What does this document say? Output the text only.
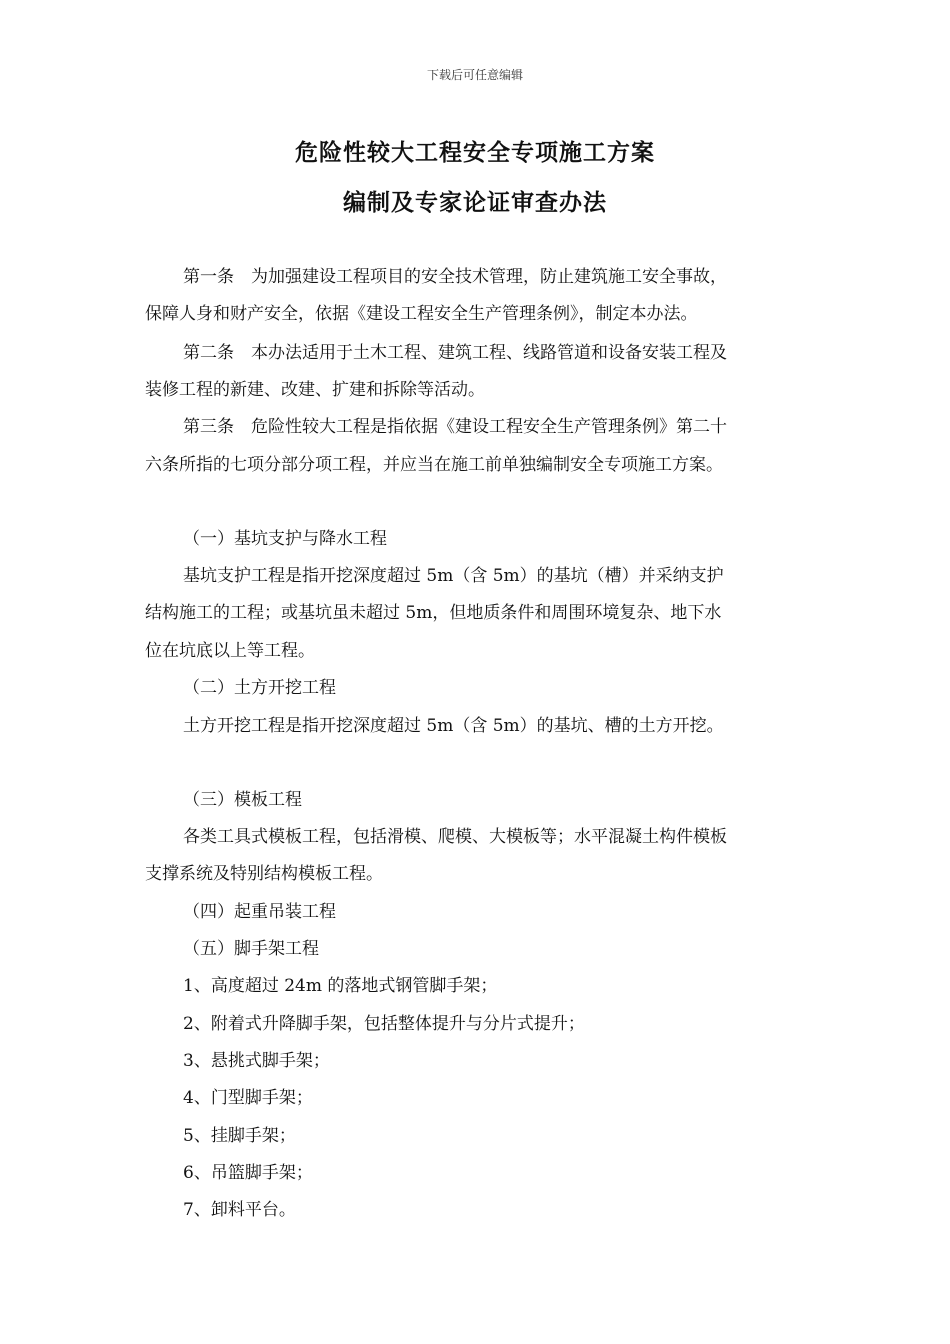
下载后可任意编辑
危险性较大工程安全专项施工方案
编制及专家论证审查办法
第一条　为加强建设工程项目的安全技术管理，防止建筑施工安全事故，
保障人身和财产安全，依据《建设工程安全生产管理条例》，制定本办法。
第二条　本办法适用于土木工程、建筑工程、线路管道和设备安装工程及
装修工程的新建、改建、扩建和拆除等活动。
第三条　危险性较大工程是指依据《建设工程安全生产管理条例》第二十
六条所指的七项分部分项工程，并应当在施工前单独编制安全专项施工方案。
（一）基坑支护与降水工程
基坑支护工程是指开挖深度超过 5m（含 5m）的基坑（槽）并采纳支护
结构施工的工程；或基坑虽未超过 5m，但地质条件和周围环境复杂、地下水
位在坑底以上等工程。
（二）土方开挖工程
土方开挖工程是指开挖深度超过 5m（含 5m）的基坑、槽的土方开挖。
（三）模板工程
各类工具式模板工程，包括滑模、爬模、大模板等；水平混凝土构件模板
支撑系统及特别结构模板工程。
（四）起重吊装工程
（五）脚手架工程
1、高度超过 24m 的落地式钢管脚手架；
2、附着式升降脚手架，包括整体提升与分片式提升；
3、悬挑式脚手架；
4、门型脚手架；
5、挂脚手架；
6、吊篮脚手架；
7、卸料平台。
